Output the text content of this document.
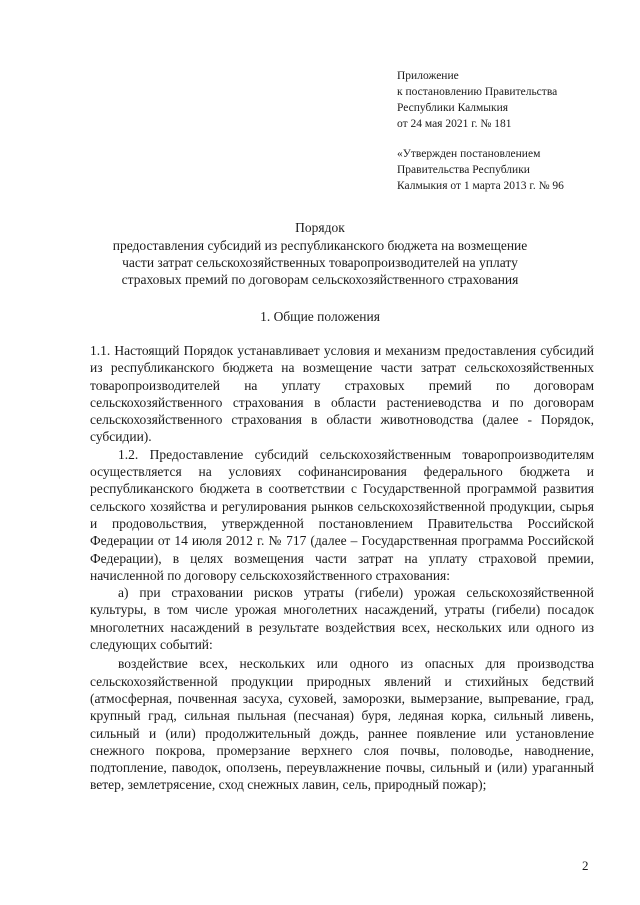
Приложение
к постановлению Правительства
Республики Калмыкия
от 24 мая 2021 г. № 181
«Утвержден постановлением
Правительства Республики
Калмыкия от 1 марта 2013 г. № 96
Порядок
предоставления субсидий из республиканского бюджета на возмещение
части затрат сельскохозяйственных товаропроизводителей на уплату
страховых премий по договорам сельскохозяйственного страхования
1. Общие положения

1.1. Настоящий Порядок устанавливает условия и механизм предоставления субсидий из республиканского бюджета на возмещение части затрат сельскохозяйственных товаропроизводителей на уплату страховых премий по договорам сельскохозяйственного страхования в области растениеводства и по договорам сельскохозяйственного страхования в области животноводства (далее - Порядок, субсидии).

1.2. Предоставление субсидий сельскохозяйственным товаропроизводителям осуществляется на условиях софинансирования федерального бюджета и республиканского бюджета в соответствии с Государственной программой развития сельского хозяйства и регулирования рынков сельскохозяйственной продукции, сырья и продовольствия, утвержденной постановлением Правительства Российской Федерации от 14 июля 2012 г. № 717 (далее – Государственная программа Российской Федерации), в целях возмещения части затрат на уплату страховой премии, начисленной по договору сельскохозяйственного страхования:

а) при страховании рисков утраты (гибели) урожая сельскохозяйственной культуры, в том числе урожая многолетних насаждений, утраты (гибели) посадок многолетних насаждений в результате воздействия всех, нескольких или одного из следующих событий:

воздействие всех, нескольких или одного из опасных для производства сельскохозяйственной продукции природных явлений и стихийных бедствий (атмосферная, почвенная засуха, суховей, заморозки, вымерзание, выпревание, град, крупный град, сильная пыльная (песчаная) буря, ледяная корка, сильный ливень, сильный и (или) продолжительный дождь, раннее появление или установление снежного покрова, промерзание верхнего слоя почвы, половодье, наводнение, подтопление, паводок, оползень, переувлажнение почвы, сильный и (или) ураганный ветер, землетрясение, сход снежных лавин, сель, природный пожар);

2
